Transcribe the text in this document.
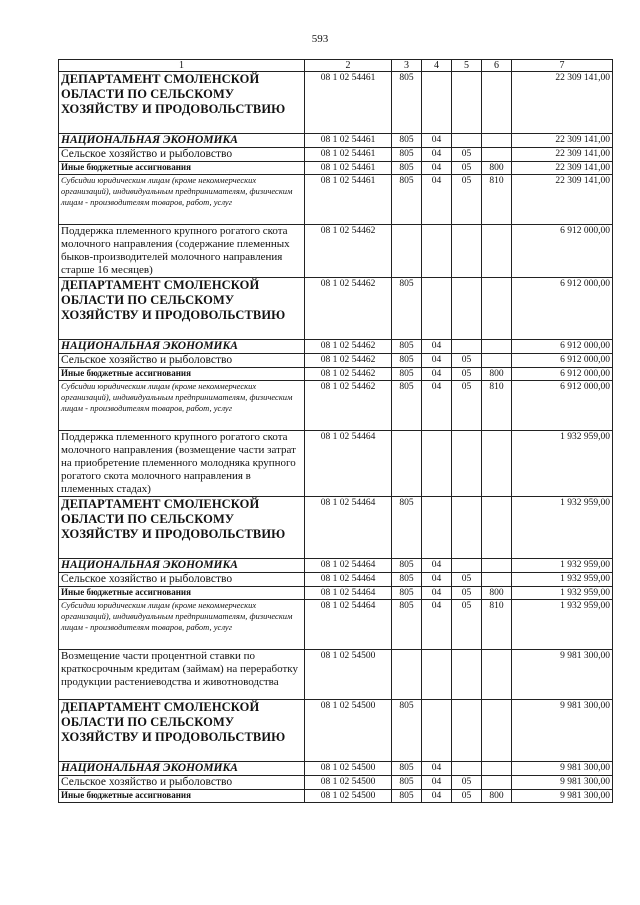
593
1	2	3	4	5	6	7
ДЕПАРТАМЕНТ СМОЛЕНСКОЙ ОБЛАСТИ ПО СЕЛЬСКОМУ ХОЗЯЙСТВУ И ПРОДОВОЛЬСТВИЮ	08 1 02 54461	805				22 309 141,00
НАЦИОНАЛЬНАЯ ЭКОНОМИКА	08 1 02 54461	805	04			22 309 141,00
Сельское хозяйство и рыболовство	08 1 02 54461	805	04	05		22 309 141,00
Иные бюджетные ассигнования	08 1 02 54461	805	04	05	800	22 309 141,00
Субсидии юридическим лицам (кроме некоммерческих организаций), индивидуальным предпринимателям, физическим лицам - производителям товаров, работ, услуг	08 1 02 54461	805	04	05	810	22 309 141,00
Поддержка племенного крупного рогатого скота молочного направления (содержание племенных быков-производителей молочного направления старше 16 месяцев)	08 1 02 54462					6 912 000,00
ДЕПАРТАМЕНТ СМОЛЕНСКОЙ ОБЛАСТИ ПО СЕЛЬСКОМУ ХОЗЯЙСТВУ И ПРОДОВОЛЬСТВИЮ	08 1 02 54462	805				6 912 000,00
НАЦИОНАЛЬНАЯ ЭКОНОМИКА	08 1 02 54462	805	04			6 912 000,00
Сельское хозяйство и рыболовство	08 1 02 54462	805	04	05		6 912 000,00
Иные бюджетные ассигнования	08 1 02 54462	805	04	05	800	6 912 000,00
Субсидии юридическим лицам (кроме некоммерческих организаций), индивидуальным предпринимателям, физическим лицам - производителям товаров, работ, услуг	08 1 02 54462	805	04	05	810	6 912 000,00
Поддержка племенного крупного рогатого скота молочного направления (возмещение части затрат на приобретение племенного молодняка крупного рогатого скота молочного направления в племенных стадах)	08 1 02 54464					1 932 959,00
ДЕПАРТАМЕНТ СМОЛЕНСКОЙ ОБЛАСТИ ПО СЕЛЬСКОМУ ХОЗЯЙСТВУ И ПРОДОВОЛЬСТВИЮ	08 1 02 54464	805				1 932 959,00
НАЦИОНАЛЬНАЯ ЭКОНОМИКА	08 1 02 54464	805	04			1 932 959,00
Сельское хозяйство и рыболовство	08 1 02 54464	805	04	05		1 932 959,00
Иные бюджетные ассигнования	08 1 02 54464	805	04	05	800	1 932 959,00
Субсидии юридическим лицам (кроме некоммерческих организаций), индивидуальным предпринимателям, физическим лицам - производителям товаров, работ, услуг	08 1 02 54464	805	04	05	810	1 932 959,00
Возмещение части процентной ставки по краткосрочным кредитам (займам) на переработку продукции растениеводства и животноводства	08 1 02 54500					9 981 300,00
ДЕПАРТАМЕНТ СМОЛЕНСКОЙ ОБЛАСТИ ПО СЕЛЬСКОМУ ХОЗЯЙСТВУ И ПРОДОВОЛЬСТВИЮ	08 1 02 54500	805				9 981 300,00
НАЦИОНАЛЬНАЯ ЭКОНОМИКА	08 1 02 54500	805	04			9 981 300,00
Сельское хозяйство и рыболовство	08 1 02 54500	805	04	05		9 981 300,00
Иные бюджетные ассигнования	08 1 02 54500	805	04	05	800	9 981 300,00
